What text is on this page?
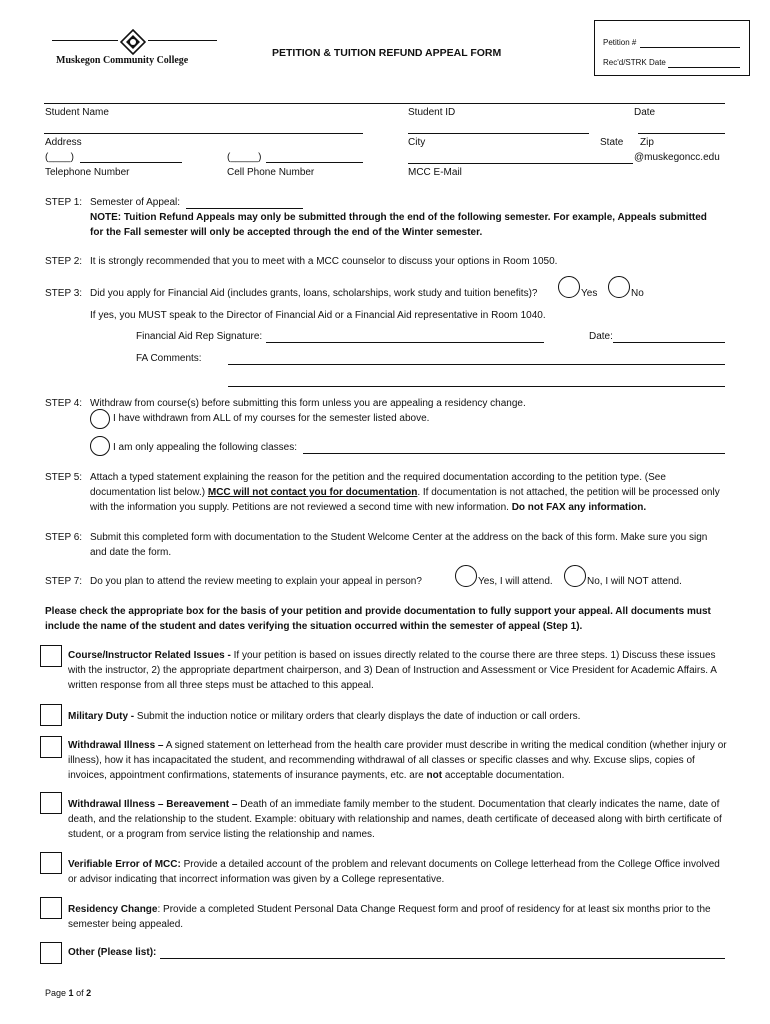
Muskegon Community College
PETITION & TUITION REFUND APPEAL FORM
Petition #
Rec'd/STRK Date
Student Name	Student ID	Date
Address	City	State Zip
(____)	(_____)	@muskegoncc.edu
Telephone Number	Cell Phone Number	MCC E-Mail
STEP 1: Semester of Appeal:
NOTE: Tuition Refund Appeals may only be submitted through the end of the following semester. For example, Appeals submitted for the Fall semester will only be accepted through the end of the Winter semester.
STEP 2: It is strongly recommended that you to meet with a MCC counselor to discuss your options in Room 1050.
STEP 3: Did you apply for Financial Aid (includes grants, loans, scholarships, work study and tuition benefits)?	Yes	No
If yes, you MUST speak to the Director of Financial Aid or a Financial Aid representative in Room 1040.
Financial Aid Rep Signature:	Date:
FA Comments:
STEP 4: Withdraw from course(s) before submitting this form unless you are appealing a residency change.
I have withdrawn from ALL of my courses for the semester listed above.
I am only appealing the following classes:
STEP 5: Attach a typed statement explaining the reason for the petition and the required documentation according to the petition type. (See documentation list below.) MCC will not contact you for documentation. If documentation is not attached, the petition will be processed only with the information you supply. Petitions are not reviewed a second time with new information. Do not FAX any information.
STEP 6: Submit this completed form with documentation to the Student Welcome Center at the address on the back of this form. Make sure you sign and date the form.
STEP 7: Do you plan to attend the review meeting to explain your appeal in person?	Yes, I will attend.	No, I will NOT attend.
Please check the appropriate box for the basis of your petition and provide documentation to fully support your appeal. All documents must include the name of the student and dates verifying the situation occurred within the semester of appeal (Step 1).
Course/Instructor Related Issues - If your petition is based on issues directly related to the course there are three steps. 1) Discuss these issues with the instructor, 2) the appropriate department chairperson, and 3) Dean of Instruction and Assessment or Vice President for Academic Affairs. A written response from all three steps must be attached to this appeal.
Military Duty - Submit the induction notice or military orders that clearly displays the date of induction or call orders.
Withdrawal Illness – A signed statement on letterhead from the health care provider must describe in writing the medical condition (whether injury or illness), how it has incapacitated the student, and recommending withdrawal of all classes or specific classes and why. Excuse slips, copies of invoices, appointment confirmations, statements of insurance payments, etc. are not acceptable documentation.
Withdrawal Illness – Bereavement – Death of an immediate family member to the student. Documentation that clearly indicates the name, date of death, and the relationship to the student. Example: obituary with relationship and names, death certificate of deceased along with birth certificate of student, or a program from service listing the relationship and names.
Verifiable Error of MCC: Provide a detailed account of the problem and relevant documents on College letterhead from the College Office involved or advisor indicating that incorrect information was given by a College representative.
Residency Change: Provide a completed Student Personal Data Change Request form and proof of residency for at least six months prior to the semester being appealed.
Other (Please list):
Page 1 of 2
